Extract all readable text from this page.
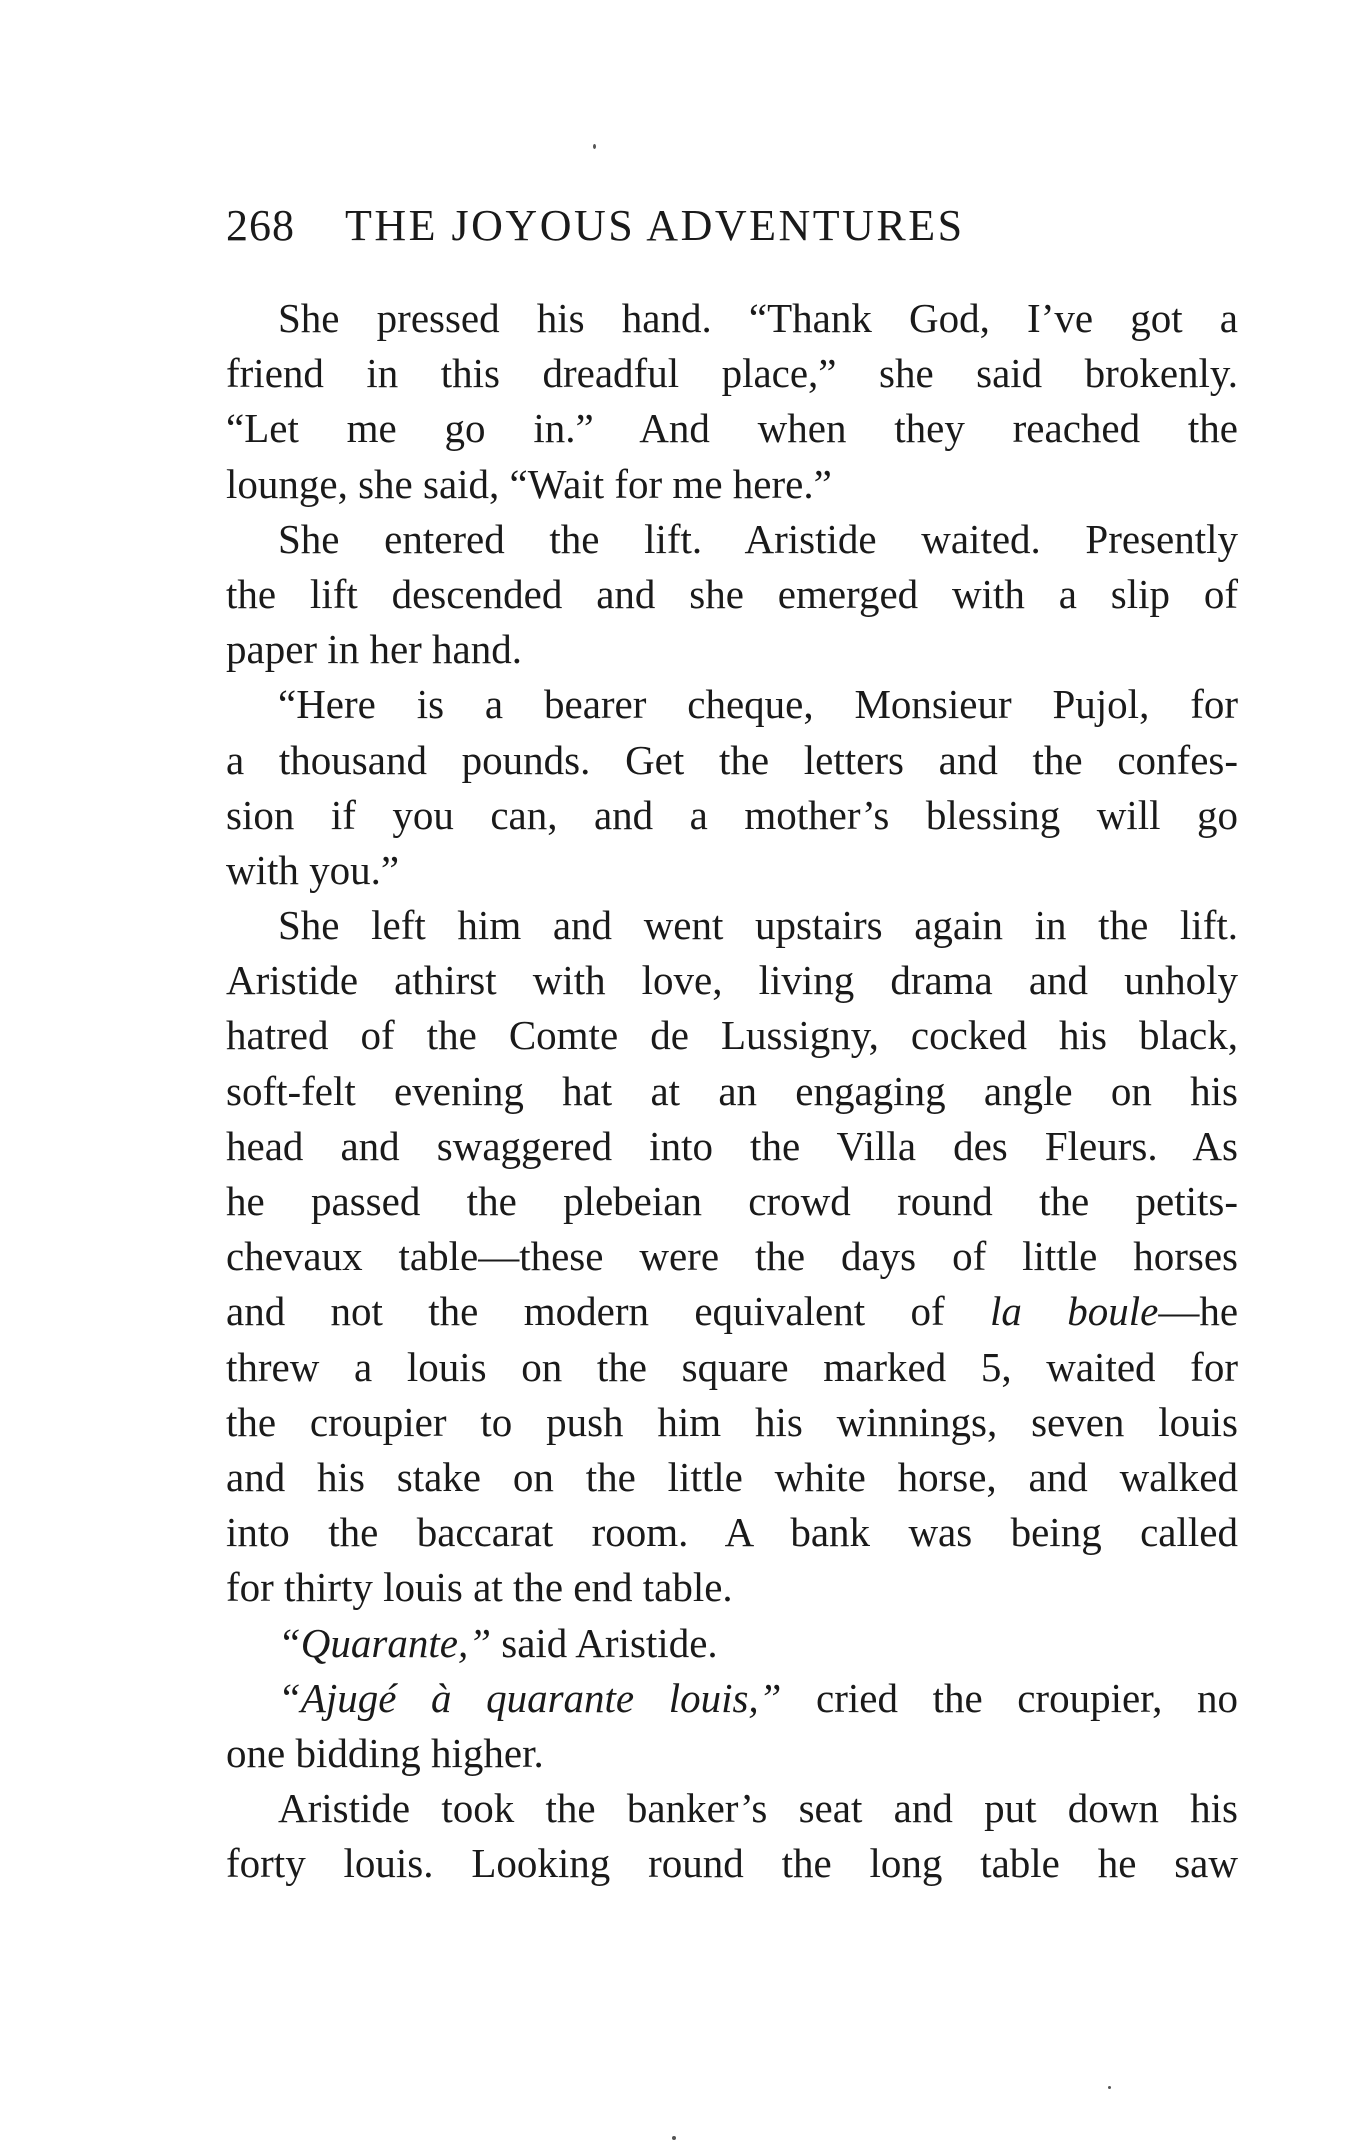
268 THE JOYOUS ADVENTURES
She pressed his hand. “Thank God, I’ve got a
friend in this dreadful place,” she said brokenly.
“Let me go in.” And when they reached the
lounge, she said, “Wait for me here.”
She entered the lift. Aristide waited. Presently
the lift descended and she emerged with a slip of
paper in her hand.
“Here is a bearer cheque, Monsieur Pujol, for
a thousand pounds. Get the letters and the confes-
sion if you can, and a mother’s blessing will go
with you.”
She left him and went upstairs again in the lift.
Aristide athirst with love, living drama and unholy
hatred of the Comte de Lussigny, cocked his black,
soft-felt evening hat at an engaging angle on his
head and swaggered into the Villa des Fleurs. As
he passed the plebeian crowd round the petits-
chevaux table—these were the days of little horses
and not the modern equivalent of la boule—he
threw a louis on the square marked 5, waited for
the croupier to push him his winnings, seven louis
and his stake on the little white horse, and walked
into the baccarat room. A bank was being called
for thirty louis at the end table.
“Quarante,” said Aristide.
“Ajugé à quarante louis,” cried the croupier, no
one bidding higher.
Aristide took the banker’s seat and put down his
forty louis. Looking round the long table he saw
